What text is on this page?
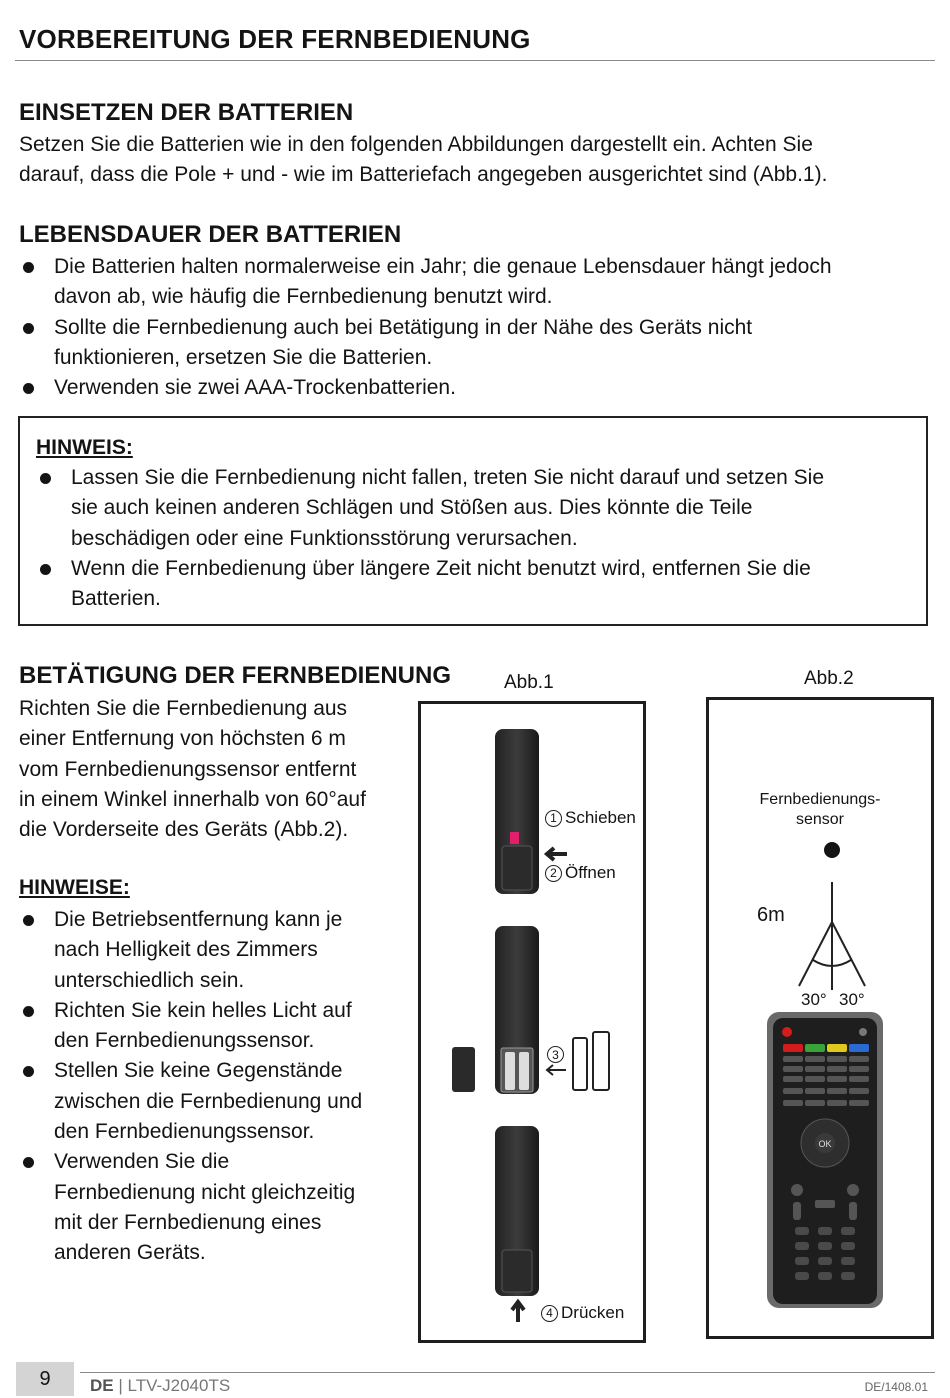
VORBEREITUNG DER FERNBEDIENUNG
EINSETZEN DER BATTERIEN

Setzen Sie die Batterien wie in den folgenden Abbildungen dargestellt ein. Achten Sie
darauf, dass die Pole + und - wie im Batteriefach angegeben ausgerichtet sind (Abb.1).

LEBENSDAUER DER BATTERIEN
Die Batterien halten normalerweise ein Jahr; die genaue Lebensdauer hängt jedoch
davon ab, wie häufig die Fernbedienung benutzt wird.
Sollte die Fernbedienung auch bei Betätigung in der Nähe des Geräts nicht
funktionieren, ersetzen Sie die Batterien.
Verwenden sie zwei AAA-Trockenbatterien.
HINWEIS:
Lassen Sie die Fernbedienung nicht fallen, treten Sie nicht darauf und setzen Sie
sie auch keinen anderen Schlägen und Stößen aus. Dies könnte die Teile
beschädigen oder eine Funktionsstörung verursachen.
Wenn die Fernbedienung über längere Zeit nicht benutzt wird, entfernen Sie die
Batterien.
BETÄTIGUNG DER FERNBEDIENUNG

Richten Sie die Fernbedienung aus
einer Entfernung von höchsten 6 m
vom Fernbedienungssensor entfernt
in einem Winkel innerhalb von 60°auf
die Vorderseite des Geräts (Abb.2).

HINWEISE:
Die Betriebsentfernung kann je
nach Helligkeit des Zimmers
unterschiedlich sein.
Richten Sie kein helles Licht auf
den Fernbedienungssensor.
Stellen Sie keine Gegenstände
zwischen die Fernbedienung und
den Fernbedienungssensor.
Verwenden Sie die
Fernbedienung nicht gleichzeitig
mit der Fernbedienung eines
anderen Geräts.
Abb.1
1 Schieben
2 Öffnen
3
4 Drücken
Abb.2
Fernbedienungs-
sensor
6m
30° 30°
OK
9	DE | LTV-J2040TS	DE/1408.01
